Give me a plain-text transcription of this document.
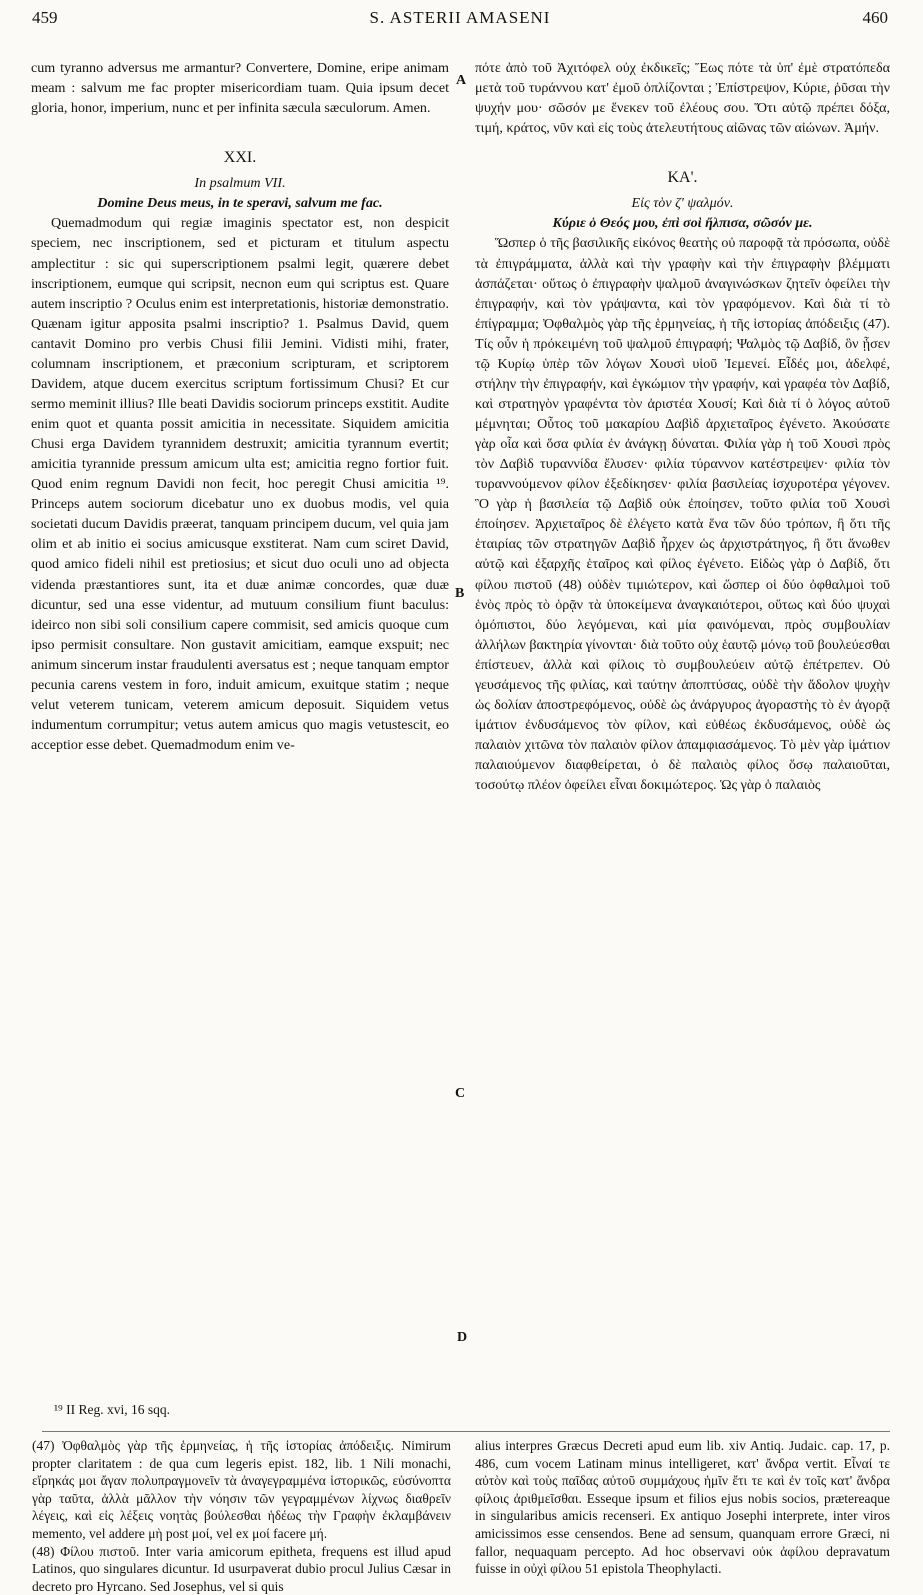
459	S. ASTERII AMASENI	460
cum tyranno adversus me armantur? Convertere, Domine, eripe animam meam : salvum me fac propter misericordiam tuam. Quia ipsum decet gloria, honor, imperium, nunc et per infinita sæcula sæculorum. Amen.
XXI.
In psalmum VII.
Domine Deus meus, in te speravi, salvum me fac.
Quemadmodum qui regiæ imaginis spectator est, non despicit speciem, nec inscriptionem, sed et picturam et titulum aspectu amplectitur : sic qui superscriptionem psalmi legit, quærere debet inscriptionem, eumque qui scripsit, necnon eum qui scriptus est. Quare autem inscriptio ? Oculus enim est interpretationis, historiæ demonstratio. Quænam igitur apposita psalmi inscriptio? 1. Psalmus David, quem cantavit Domino pro verbis Chusi filii Jemini. Vidisti mihi, frater, columnam inscriptionem, et præconium scripturam, et scriptorem Davidem, atque ducem exercitus scriptum fortissimum Chusi? Et cur sermo meminit illius? Ille beati Davidis sociorum princeps exstitit. Audite enim quot et quanta possit amicitia in necessitate. Siquidem amicitia Chusi erga Davidem tyrannidem destruxit; amicitia tyrannum evertit; amicitia tyrannide pressum amicum ulta est; amicitia regno fortior fuit. Quod enim regnum Davidi non fecit, hoc peregit Chusi amicitia ¹⁹. Princeps autem sociorum dicebatur uno ex duobus modis, vel quia societati ducum Davidis præerat, tanquam principem ducum, vel quia jam olim et ab initio ei socius amicusque exstiterat. Nam cum sciret David, quod amico fideli nihil est pretiosius; et sicut duo oculi uno ad objecta videnda præstantiores sunt, ita et duæ animæ concordes, quæ duæ dicuntur, sed una esse videntur, ad mutuum consilium fiunt baculus: ideirco non sibi soli consilium capere commisit, sed amicis quoque cum ipso permisit consultare. Non gustavit amicitiam, eamque exspuit; nec animum sincerum instar fraudulenti aversatus est ; neque tanquam emptor pecunia carens vestem in foro, induit amicum, exuitque statim ; neque velut veterem tunicam, veterem amicum deposuit. Siquidem vetus indumentum corrumpitur; vetus autem amicus quo magis vetustescit, eo acceptior esse debet. Quemadmodum enim ve-
A
B
C
D
πότε ἀπὸ τοῦ Ἀχιτόφελ οὐχ ἐκδικεῖς; Ἕως πότε τὰ ὑπ' ἐμὲ στρατόπεδα μετὰ τοῦ τυράννου κατ' ἐμοῦ ὁπλίζονται ; Ἐπίστρεψον, Κύριε, ῥῦσαι τὴν ψυχήν μου· σῶσόν με ἕνεκεν τοῦ ἐλέους σου. Ὅτι αὐτῷ πρέπει δόξα, τιμή, κράτος, νῦν καὶ εἰς τοὺς ἀτελευτήτους αἰῶνας τῶν αἰώνων. Ἀμήν.
ΚΑ'.
Εἰς τὸν ζ' ψαλμόν.
Κύριε ὁ Θεός μου, ἐπὶ σοὶ ἤλπισα, σῶσόν με.
Ὥσπερ ὁ τῆς βασιλικῆς εἰκόνος θεατὴς οὐ παροφᾷ τὰ πρόσωπα, οὐδὲ τὰ ἐπιγράμματα, ἀλλὰ καὶ τὴν γραφὴν καὶ τὴν ἐπιγραφὴν βλέμματι ἀσπάζεται· οὕτως ὁ ἐπιγραφὴν ψαλμοῦ ἀναγινώσκων ζητεῖν ὀφείλει τὴν ἐπιγραφήν, καὶ τὸν γράψαντα, καὶ τὸν γραφόμενον. Καὶ διὰ τί τὸ ἐπίγραμμα; Ὀφθαλμὸς γὰρ τῆς ἑρμηνείας, ἡ τῆς ἱστορίας ἀπόδειξις (47). Τίς οὖν ἡ πρόκειμένη τοῦ ψαλμοῦ ἐπιγραφή; Ψαλμὸς τῷ Δαβίδ, ὃν ᾖσεν τῷ Κυρίῳ ὑπὲρ τῶν λόγων Χουσὶ υἱοῦ Ἰεμενεί. Εἶδές μοι, ἀδελφέ, στήλην τὴν ἐπιγραφήν, καὶ ἐγκώμιον τὴν γραφήν, καὶ γραφέα τὸν Δαβίδ, καὶ στρατηγὸν γραφέντα τὸν ἀριστέα Χουσί; Καὶ διὰ τί ὁ λόγος αὐτοῦ μέμνηται; Οὗτος τοῦ μακαρίου Δαβὶδ ἀρχιεταῖρος ἐγένετο. Ἀκούσατε γὰρ οἷα καὶ ὅσα φιλία ἐν ἀνάγκῃ δύναται. Φιλία γὰρ ἡ τοῦ Χουσὶ πρὸς τὸν Δαβὶδ τυραννίδα ἔλυσεν· φιλία τύραννον κατέστρεψεν· φιλία τὸν τυραννούμενον φίλον ἐξεδίκησεν· φιλία βασιλείας ἰσχυροτέρα γέγονεν. Ὃ γὰρ ἡ βασιλεία τῷ Δαβὶδ οὐκ ἐποίησεν, τοῦτο φιλία τοῦ Χουσὶ ἐποίησεν. Ἀρχιεταῖρος δὲ ἐλέγετο κατὰ ἕνα τῶν δύο τρόπων, ἢ ὅτι τῆς ἑταιρίας τῶν στρατηγῶν Δαβὶδ ἦρχεν ὡς ἀρχιστράτηγος, ἢ ὅτι ἄνωθεν αὐτῷ καὶ ἐξαρχῆς ἑταῖρος καὶ φίλος ἐγένετο. Εἰδὼς γὰρ ὁ Δαβίδ, ὅτι φίλου πιστοῦ (48) οὐδὲν τιμιώτερον, καὶ ὥσπερ οἱ δύο ὀφθαλμοὶ τοῦ ἑνὸς πρὸς τὸ ὁρᾷν τὰ ὑποκείμενα ἀναγκαιότεροι, οὕτως καὶ δύο ψυχαὶ ὁμόπιστοι, δύο λεγόμεναι, καὶ μία φαινόμεναι, πρὸς συμβουλίαν ἀλλήλων βακτηρία γίνονται· διὰ τοῦτο οὐχ ἑαυτῷ μόνῳ τοῦ βουλεύεσθαι ἐπίστευεν, ἀλλὰ καὶ φίλοις τὸ συμβουλεύειν αὐτῷ ἐπέτρεπεν. Οὐ γευσάμενος τῆς φιλίας, καὶ ταύτην ἀποπτύσας, οὐδὲ τὴν ἄδολον ψυχὴν ὡς δολίαν ἀποστρεφόμενος, οὐδὲ ὡς ἀνάργυρος ἀγοραστὴς τὸ ἐν ἀγορᾷ ἱμάτιον ἐνδυσάμενος τὸν φίλον, καὶ εὐθέως ἐκδυσάμενος, οὐδὲ ὡς παλαιὸν χιτῶνα τὸν παλαιὸν φίλον ἀπαμφιασάμενος. Τὸ μὲν γὰρ ἱμάτιον παλαιούμενον διαφθείρεται, ὁ δὲ παλαιὸς φίλος ὅσῳ παλαιοῦται, τοσούτῳ πλέον ὀφείλει εἶναι δοκιμώτερος. Ὡς γὰρ ὁ παλαιὸς
¹⁹ II Reg. xvi, 16 sqq.
(47) Ὀφθαλμὸς γὰρ τῆς ἑρμηνείας, ἡ τῆς ἱστορίας ἀπόδειξις. Nimirum propter claritatem : de qua cum legeris epist. 182, lib. 1 Nili monachi, εἴρηκάς μοι ἄγαν πολυπραγμονεῖν τὰ ἀναγεγραμμένα ἱστορικῶς, εὐσύνοπτα γὰρ ταῦτα, ἀλλὰ μᾶλλον τὴν νόησιν τῶν γεγραμμένων λίχνως διαθρεῖν λέγεις, καὶ εἰς λέξεις νοητὰς βούλεσθαι ἡδέως τὴν Γραφὴν ἐκλαμβάνειν memento, vel addere μὴ post μοί, vel ex μοί facere μή.
(48) Φίλου πιστοῦ. Inter varia amicorum epitheta, frequens est illud apud Latinos, quo singulares dicuntur. Id usurpaverat dubio procul Julius Cæsar in decreto pro Hyrcano. Sed Josephus, vel si quis
alius interpres Græcus Decreti apud eum lib. xiv Antiq. Judaic. cap. 17, p. 486, cum vocem Latinam minus intelligeret, κατ' ἄνδρα vertit. Εἶναί τε αὐτὸν καὶ τοὺς παῖδας αὐτοῦ συμμάχους ἡμῖν ἔτι τε καὶ ἐν τοῖς κατ' ἄνδρα φίλοις ἀριθμεῖσθαι. Esseque ipsum et filios ejus nobis socios, prætereaque in singularibus amicis recenseri. Ex antiquo Josephi interprete, inter viros amicissimos esse censendos. Bene ad sensum, quanquam errore Græci, ni fallor, nequaquam percepto. Ad hoc observavi οὐκ ἀφίλου depravatum fuisse in οὐχὶ φίλου 51 epistola Theophylacti.
